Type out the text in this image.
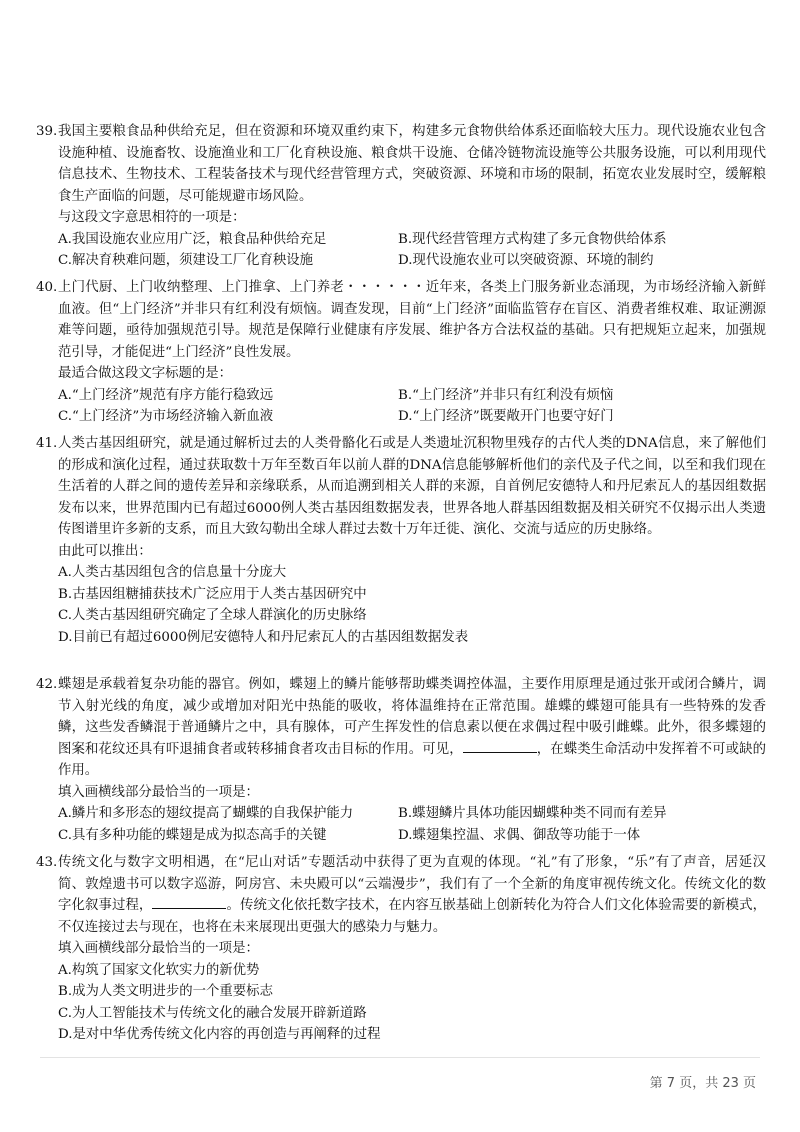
39. 我国主要粮食品种供给充足，但在资源和环境双重约束下，构建多元食物供给体系还面临较大压力。现代设施农业包含设施种植、设施畜牧、设施渔业和工厂化育秧设施、粮食烘干设施、仓储冷链物流设施等公共服务设施，可以利用现代信息技术、生物技术、工程装备技术与现代经营管理方式，突破资源、环境和市场的限制，拓宽农业发展时空，缓解粮食生产面临的问题，尽可能规避市场风险。
与这段文字意思相符的一项是：
A.我国设施农业应用广泛，粮食品种供给充足	B.现代经营管理方式构建了多元食物供给体系
C.解决育秧难问题，须建设工厂化育秧设施	D.现代设施农业可以突破资源、环境的制约
40. 上门代厨、上门收纳整理、上门推拿、上门养老・・・・・・近年来，各类上门服务新业态涌现，为市场经济输入新鲜血液。但“上门经济”并非只有红利没有烦恼。调查发现，目前“上门经济”面临监管存在盲区、消费者维权难、取证溯源难等问题，亟待加强规范引导。规范是保障行业健康有序发展、维护各方合法权益的基础。只有把规矩立起来，加强规范引导，才能促进“上门经济”良性发展。
最适合做这段文字标题的是：
A.“上门经济”规范有序方能行稳致远	B.“上门经济”并非只有红利没有烦恼
C.“上门经济”为市场经济输入新血液	D.“上门经济”既要敞开门也要守好门
41. 人类古基因组研究，就是通过解析过去的人类骨骼化石或是人类遗址沉积物里残存的古代人类的DNA信息，来了解他们的形成和演化过程，通过获取数十万年至数百年以前人群的DNA信息能够解析他们的亲代及子代之间，以至和我们现在生活着的人群之间的遗传差异和亲缘联系，从而追溯到相关人群的来源，自首例尼安德特人和丹尼索瓦人的基因组数据发布以来，世界范围内已有超过6000例人类古基因组数据发表，世界各地人群基因组数据及相关研究不仅揭示出人类遗传图谱里许多新的支系，而且大致勾勒出全球人群过去数十万年迁徙、演化、交流与适应的历史脉络。
由此可以推出：
A.人类古基因组包含的信息量十分庞大
B.古基因组糖捕获技术广泛应用于人类古基因研究中
C.人类古基因组研究确定了全球人群演化的历史脉络
D.目前已有超过6000例尼安德特人和丹尼索瓦人的古基因组数据发表
42. 蝶翅是承载着复杂功能的器官。例如，蝶翅上的鳞片能够帮助蝶类调控体温，主要作用原理是通过张开或闭合鳞片，调节入射光线的角度，减少或增加对阳光中热能的吸收，将体温维持在正常范围。雄蝶的蝶翅可能具有一些特殊的发香鳞，这些发香鳞混于普通鳞片之中，具有腺体，可产生挥发性的信息素以便在求偶过程中吸引雌蝶。此外，很多蝶翅的图案和花纹还具有吓退捕食者或转移捕食者攻击目标的作用。可见，	，在蝶类生命活动中发挥着不可或缺的作用。
填入画横线部分最恰当的一项是：
A.鳞片和多形态的翅纹提高了蝴蝶的自我保护能力	B.蝶翅鳞片具体功能因蝴蝶种类不同而有差异
C.具有多种功能的蝶翅是成为拟态高手的关键	D.蝶翅集控温、求偶、御敌等功能于一体
43. 传统文化与数字文明相遇，在“尼山对话”专题活动中获得了更为直观的体现。“礼”有了形象，“乐”有了声音，居延汉简、敦煌遗书可以数字巡游，阿房宫、未央殿可以“云端漫步”，我们有了一个全新的角度审视传统文化。传统文化的数字化叙事过程，	。传统文化依托数字技术，在内容互嵌基础上创新转化为符合人们文化体验需要的新模式，不仅连接过去与现在，也将在未来展现出更强大的感染力与魅力。
填入画横线部分最恰当的一项是：
A.构筑了国家文化软实力的新优势
B.成为人类文明进步的一个重要标志
C.为人工智能技术与传统文化的融合发展开辟新道路
D.是对中华优秀传统文化内容的再创造与再阐释的过程
第 7 页，共 23 页
